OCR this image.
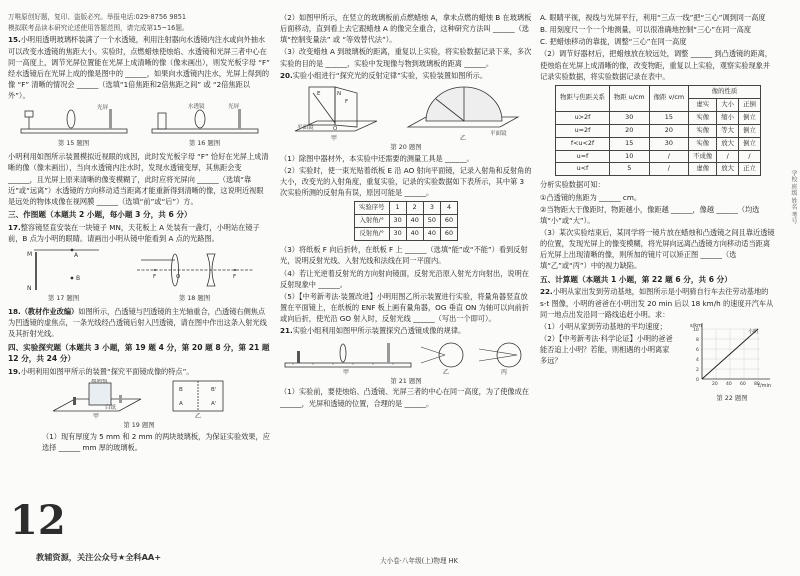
万唯原创好题，复印、盗版必究。举报电话:029-8756 9851

模拟联考品读本研究论述使用答题范围，请完成第15~16题。

15.小明用透明玻璃杯装满了一个水透镜，利用注射器向水透镜内注水或向外抽水可以改变水透镜的焦距大小。实验时，点燃蜡烛使烛焰、水透镜和光屏三者中心在同一高度上，调节光屏位置能在光屏上成清晰的像（像未画出），则发光板字母 “F” 经水透镜后在光屏上成的像是图中的 ______，如果向水透镜内注水，光屏上得到的像 “F” 清晰的情况会 ______（选填“1倍焦距和2倍焦距之间” 或 “2倍焦距以外”）。

光屏
第 15 题图
水透镜	光屏
第 16 题图

小明利用如图所示装置模拟近视眼的成因，此时发光板字母 “F” 恰好在光屏上成清晰的像（像未画出），当向水透镜内注水时，发现水透镜变厚，其焦距会变 ______，且光屏上原来清晰的像变模糊了，此时应将光屏向 ______（选填“靠近”或“远离”）水透镜的方向移动适当距离才能重新得到清晰的像，这说明近视眼是远处的物体成像在视网膜 ______（选填“前”或“后”）方。

三、作图题（本题共 2 小题，每小题 3 分，共 6 分）

17.整容镜竖直安装在一块镜子 MN，天花板上 A 处装有一盏灯，小明站在镜子前，B 点为小明的眼睛。请画出小明从镜中能看到 A 点的光路图。

A
B
M
N
第 17 题图
F	O	F
第 18 题图

18.（教材作业改编）如图所示，凸透镜与凹透镜的主光轴重合，凸透镜右侧焦点为凹透镜的虚焦点，一条光线经凸透镜后射入凹透镜，请在图中作出这条入射光线及其折射光线。

四、实验探究题（本题共 3 小题，第 19 题 4 分，第 20 题 8 分，第 21 题 12 分，共 24 分）

19.小明利用如图甲所示的装置“探究平面镜成像的特点”。

玻璃板
白纸
甲
B	B'
A	A'
乙
第 19 题图

（1）现有厚度为 5 mm 和 2 mm 的两块玻璃板，为保证实验效果，应选择 ______ mm 厚的玻璃板。

12
教辅资源，关注公众号★全科AA+

（2）如图甲所示，在竖立的玻璃板前点燃蜡烛 A，拿未点燃的蜡烛 B 在玻璃板后面移动，直到看上去它跟蜡烛 A 的像完全重合，这种研究方法叫 ______（选填“控制变量法” 或 “等效替代法”）。

（3）改变蜡烛 A 到玻璃板的距离，重复以上实验，将实验数据记录下来，多次实验的目的是 ______，实验中发现像与物到玻璃板的距离 ______。

20.实验小组进行“探究光的反射定律”实验，实验装置如图所示。

E	N
F
O
平面镜
甲
平面镜
乙
第 20 题图

（1）除图中器材外，本实验中还需要的测量工具是 ______。

（2）实验时，使一束光贴着纸板 E 沿 AO 射向平面镜，记录入射角和反射角的大小，改变光的入射角度，重复实验，记录的实验数据如下表所示，其中第 3 次实验所测的反射角有误，原因可能是 ______。

实验序号	1	2	3	4
入射角/°	30	40	50	60
反射角/°	30	40	40	60

（3）将纸板 F 向后折转，在纸板 F 上 ______（选填“能”或“不能”）看到反射光，说明反射光线、入射光线和法线在同一平面内。

（4）若让光逆着反射光的方向射向镜面，反射光沿原入射光方向射出，说明在反射现象中 ______。

（5）【中考新考法·装置改进】小明用图乙所示装置进行实验，将量角器竖直放置在平面镜上，在纸板的 ENF 板上画有量角器，OG 垂直 ON 为轴可以向前折或向后折，使光沿 GO 射入时，反射光线 ______（写出一个即可）。

21.实验小组利用如图甲所示装置探究凸透镜成像的规律。

甲	乙	丙
第 21 题图

（1）实验前，要使烛焰、凸透镜、光屏三者的中心在同一高度，为了使像成在 ______，光屏和透镜的位置，合理的是 ______。

大小卷·八年级(上)物理 HK

A. 眼睛平视，视线与光屏平行，利用“三点一线”把“三心”调到同一高度

B. 用刻度尺一个一个地测量，可以很准确地控制“三心”在同一高度

C. 把蜡烛移动的靠拢，调整“三心”在同一高度

（2）调节好器材后，把蜡烛放在较远处，调整 ______ 到凸透镜的距离，使烛焰在光屏上成清晰的像，改变物距，重复以上实验，观察实验现象并记录实验数据，将实验数据记录在表中。

物距与焦距关系	物距 u/cm	像距 v/cm	像的性质		
			虚实	大小	正倒
u>2f	30	15	实像	缩小	倒立
u=2f	20	20	实像	等大	倒立
f<u<2f	15	30	实像	放大	倒立
u=f	10	/	不成像	/	/
u<f	5	/	虚像	放大	正立

分析实验数据可知：

①凸透镜的焦距为 ______ cm。

②当物距大于像距时，物距越小，像距越 ______，像越 ______（均选填“小”或“大”）。

（3）某次实验结束后，某同学将一镜片放在蜡烛和凸透镜之间且靠近透镜的位置，发现光屏上的像变模糊，将光屏向远离凸透镜方向移动适当距离后光屏上出现清晰的像，则所加的镜片可以矫正图 ______（选填“乙”或“丙”）中的视力缺陷。

五、计算题（本题共 1 小题，第 22 题 6 分，共 6 分）

22.小明从家出发到劳动基地，如图所示是小明骑自行车去往劳动基地的 s-t 图像，小明的爸爸在小明出发 20 min 后以 18 km/h 的速度开汽车从同一地点出发沿同一路线追赶小明。求：

（1）小明从家到劳动基地的平均速度；

（2）【中考新考法·科学论证】小明的爸爸能否追上小明？若能，则相遇的小明离家多远？

s/km
t/min
小明
0
2
4
6
8
10
20 40 60 80
第 22 题图
学校 班级 姓名 考号
